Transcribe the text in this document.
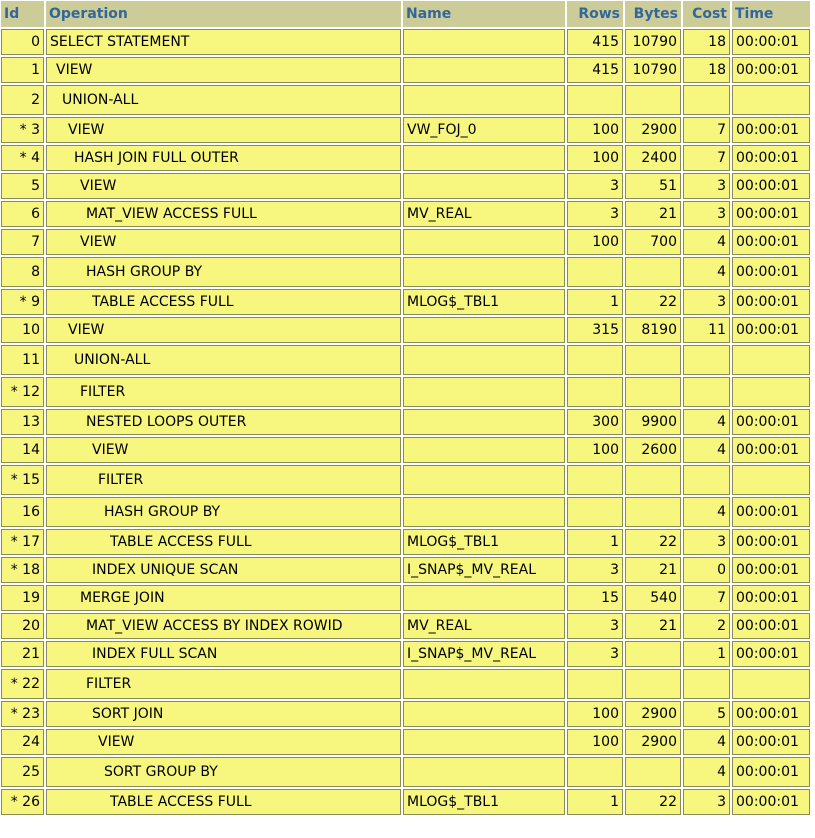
Id	Operation	Name	Rows	Bytes	Cost	Time
0	SELECT STATEMENT		415	10790	18	00:00:01
1	VIEW		415	10790	18	00:00:01
2	UNION-ALL					
* 3	VIEW	VW_FOJ_0	100	2900	7	00:00:01
* 4	HASH JOIN FULL OUTER		100	2400	7	00:00:01
5	VIEW		3	51	3	00:00:01
6	MAT_VIEW ACCESS FULL	MV_REAL	3	21	3	00:00:01
7	VIEW		100	700	4	00:00:01
8	HASH GROUP BY				4	00:00:01
* 9	TABLE ACCESS FULL	MLOG$_TBL1	1	22	3	00:00:01
10	VIEW		315	8190	11	00:00:01
11	UNION-ALL					
* 12	FILTER					
13	NESTED LOOPS OUTER		300	9900	4	00:00:01
14	VIEW		100	2600	4	00:00:01
* 15	FILTER					
16	HASH GROUP BY				4	00:00:01
* 17	TABLE ACCESS FULL	MLOG$_TBL1	1	22	3	00:00:01
* 18	INDEX UNIQUE SCAN	I_SNAP$_MV_REAL	3	21	0	00:00:01
19	MERGE JOIN		15	540	7	00:00:01
20	MAT_VIEW ACCESS BY INDEX ROWID	MV_REAL	3	21	2	00:00:01
21	INDEX FULL SCAN	I_SNAP$_MV_REAL	3		1	00:00:01
* 22	FILTER					
* 23	SORT JOIN		100	2900	5	00:00:01
24	VIEW		100	2900	4	00:00:01
25	SORT GROUP BY				4	00:00:01
* 26	TABLE ACCESS FULL	MLOG$_TBL1	1	22	3	00:00:01
